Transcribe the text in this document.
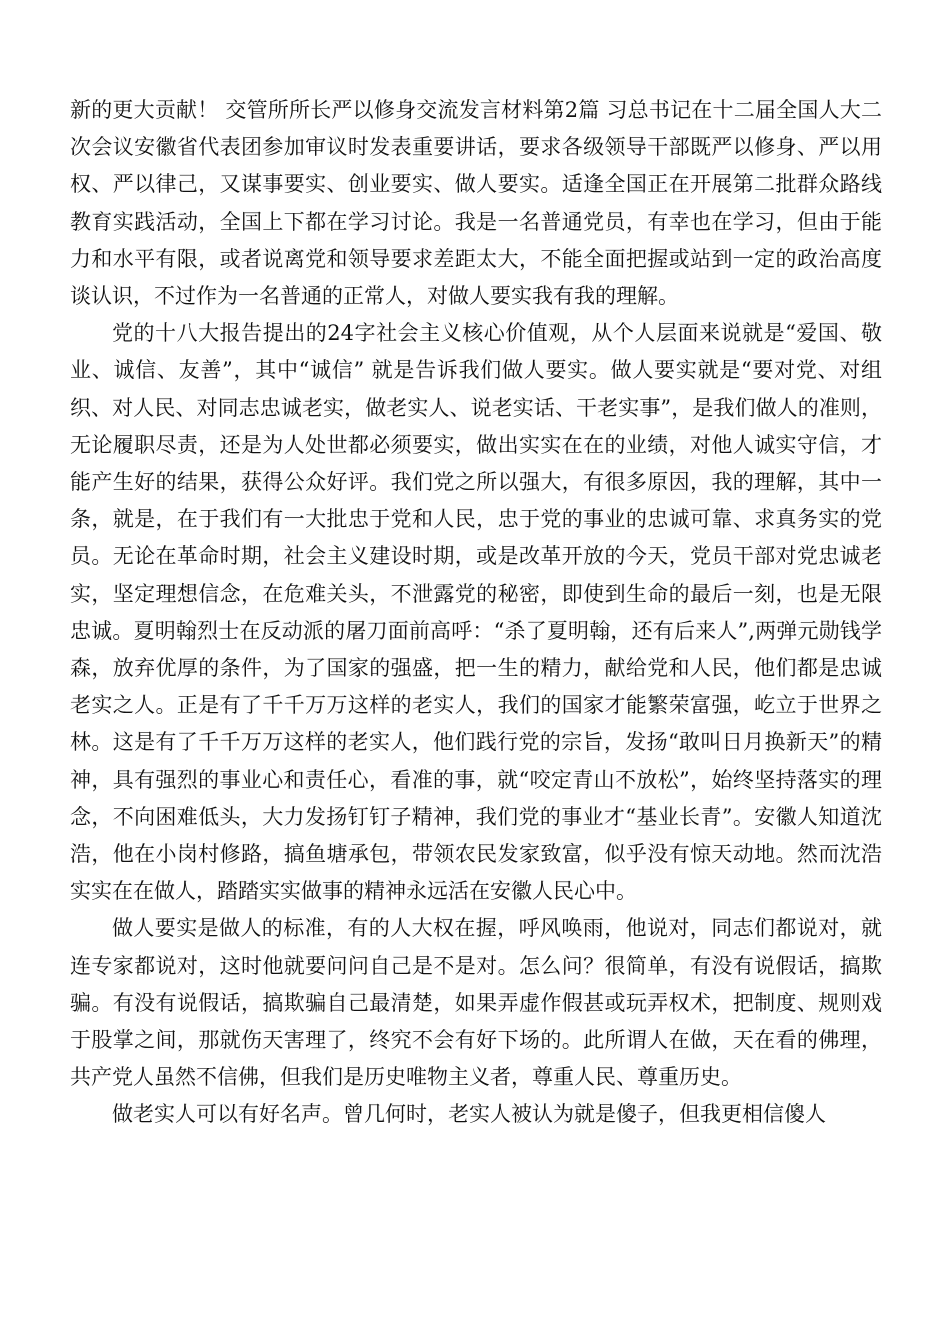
新的更大贡献！ 交管所所长严以修身交流发言材料第2篇 习总书记在十二届全国人大二次会议安徽省代表团参加审议时发表重要讲话，要求各级领导干部既严以修身、严以用权、严以律己，又谋事要实、创业要实、做人要实。适逢全国正在开展第二批群众路线教育实践活动，全国上下都在学习讨论。我是一名普通党员，有幸也在学习，但由于能力和水平有限，或者说离党和领导要求差距太大，不能全面把握或站到一定的政治高度谈认识，不过作为一名普通的正常人，对做人要实我有我的理解。

党的十八大报告提出的24字社会主义核心价值观，从个人层面来说就是“爱国、敬业、诚信、友善”，其中“诚信” 就是告诉我们做人要实。做人要实就是“要对党、对组织、对人民、对同志忠诚老实，做老实人、说老实话、干老实事”，是我们做人的准则，无论履职尽责，还是为人处世都必须要实，做出实实在在的业绩，对他人诚实守信，才能产生好的结果，获得公众好评。我们党之所以强大，有很多原因，我的理解，其中一条，就是，在于我们有一大批忠于党和人民，忠于党的事业的忠诚可靠、求真务实的党员。无论在革命时期，社会主义建设时期，或是改革开放的今天，党员干部对党忠诚老实，坚定理想信念，在危难关头，不泄露党的秘密，即使到生命的最后一刻，也是无限忠诚。夏明翰烈士在反动派的屠刀面前高呼：“杀了夏明翰，还有后来人”,两弹元勋钱学森，放弃优厚的条件，为了国家的强盛，把一生的精力，献给党和人民，他们都是忠诚老实之人。正是有了千千万万这样的老实人，我们的国家才能繁荣富强，屹立于世界之林。这是有了千千万万这样的老实人，他们践行党的宗旨，发扬“敢叫日月换新天”的精神，具有强烈的事业心和责任心，看准的事，就“咬定青山不放松”，始终坚持落实的理念，不向困难低头，大力发扬钉钉子精神，我们党的事业才“基业长青”。安徽人知道沈浩，他在小岗村修路，搞鱼塘承包，带领农民发家致富，似乎没有惊天动地。然而沈浩实实在在做人，踏踏实实做事的精神永远活在安徽人民心中。

做人要实是做人的标准，有的人大权在握，呼风唤雨，他说对，同志们都说对，就连专家都说对，这时他就要问问自己是不是对。怎么问？很简单，有没有说假话，搞欺骗。有没有说假话，搞欺骗自己最清楚，如果弄虚作假甚或玩弄权术，把制度、规则戏于股掌之间，那就伤天害理了，终究不会有好下场的。此所谓人在做，天在看的佛理，共产党人虽然不信佛，但我们是历史唯物主义者，尊重人民、尊重历史。

做老实人可以有好名声。曾几何时，老实人被认为就是傻子，但我更相信傻人
